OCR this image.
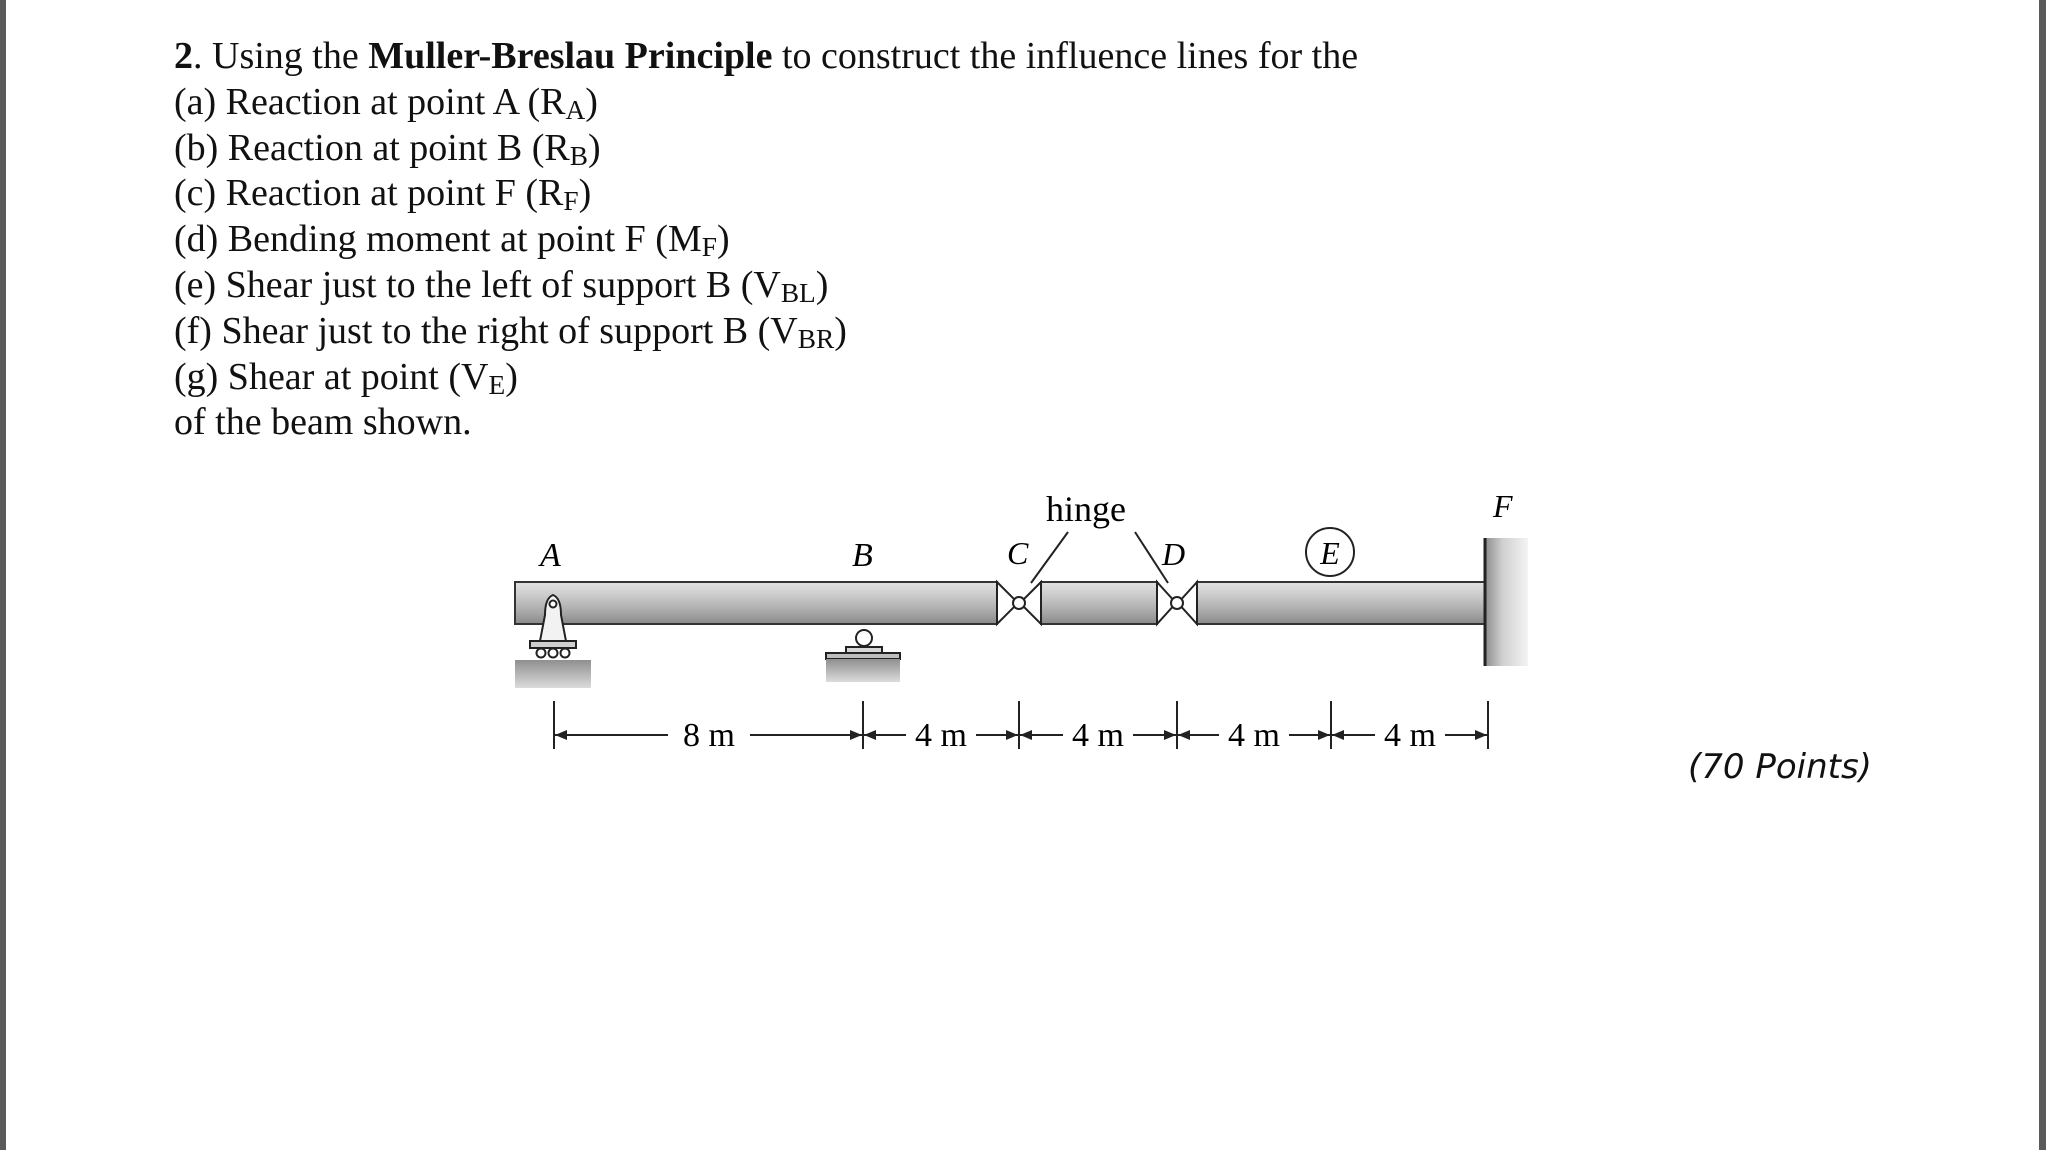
2. Using the Muller-Breslau Principle to construct the influence lines for the
(a) Reaction at point A $(R_A)$
(b) Reaction at point B $(R_B)$
(c) Reaction at point F $(R_F)$
(d) Bending moment at point F $(M_F)$
(e) Shear just to the left of support B $(V_{BL})$
(f) Shear just to the right of support B $(V_{BR})$
(g) Shear at point $(V_E)$
of the beam shown.
hinge
A	B	C	D	E
F
8 m	4 m	4 m	4 m	4 m
(70 Points)
